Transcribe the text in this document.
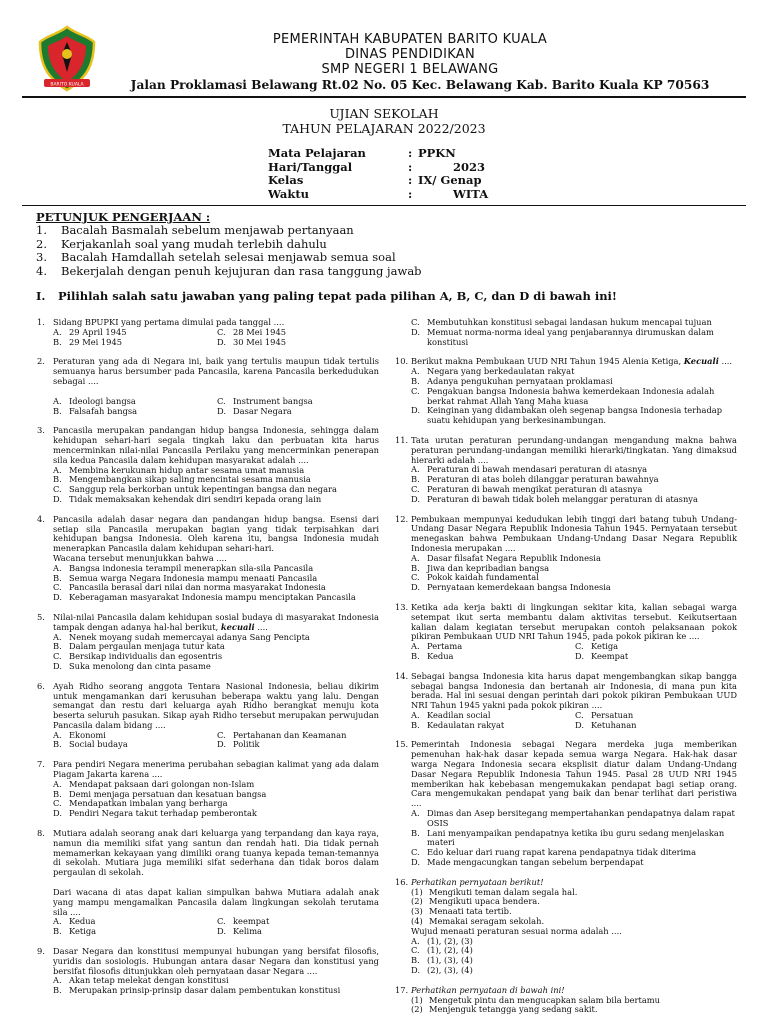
BARITO KUALA
PEMERINTAH KABUPATEN BARITO KUALA
DINAS PENDIDIKAN
SMP NEGERI 1 BELAWANG
Jalan Proklamasi Belawang Rt.02 No. 05 Kec. Belawang Kab. Barito Kuala KP 70563
UJIAN SEKOLAH
TAHUN PELAJARAN 2022/2023
Mata Pelajaran	: PPKN
Hari/Tanggal	:	2023
Kelas	: IX/ Genap
Waktu	:	WITA
PETUNJUK PENGERJAAN :
1. Bacalah Basmalah sebelum menjawab pertanyaan
2. Kerjakanlah soal yang mudah terlebih dahulu
3. Bacalah Hamdallah setelah selesai menjawab semua soal
4. Bekerjalah dengan penuh kejujuran dan rasa tanggung jawab
I. Pilihlah salah satu jawaban yang paling tepat pada pilihan A, B, C, dan D di bawah ini!
1. Sidang BPUPKI yang pertama dimulai pada tanggal ....
A. 29 April 1945	C. 28 Mei 1945
B. 29 Mei 1945	D. 30 Mei 1945
2. Peraturan yang ada di Negara ini, baik yang tertulis maupun tidak tertulis semuanya harus bersumber pada Pancasila, karena Pancasila berkedudukan sebagai ....
A. Ideologi bangsa	C. Instrument bangsa
B. Falsafah bangsa	D. Dasar Negara
3. Pancasila merupakan pandangan hidup bangsa Indonesia, sehingga dalam kehidupan sehari-hari segala tingkah laku dan perbuatan kita harus mencerminkan nilai-nilai Pancasila Perilaku yang mencerminkan penerapan sila kedua Pancasila dalam kehidupan masyarakat adalah ....
A. Membina kerukunan hidup antar sesama umat manusia
B. Mengembangkan sikap saling mencintai sesama manusia
C. Sanggup rela berkorban untuk kepentingan bangsa dan negara
D. Tidak memaksakan kehendak diri sendiri kepada orang lain
4. Pancasila adalah dasar negara dan pandangan hidup bangsa. Esensi dari setiap sila Pancasila merupakan bagian yang tidak terpisahkan dari kehidupan bangsa Indonesia. Oleh karena itu, bangsa Indonesia mudah menerapkan Pancasila dalam kehidupan sehari-hari.
Wacana tersebut menunjukkan bahwa ....
A. Bangsa indonesia terampil menerapkan sila-sila Pancasila
B. Semua warga Negara Indonesia mampu menaati Pancasila
C. Pancasila berasal dari nilai dan norma masyarakat Indonesia
D. Keberagaman masyarakat Indonesia mampu menciptakan Pancasila
5. Nilai-nilai Pancasila dalam kehidupan sosial budaya di masyarakat Indonesia tampak dengan adanya hal-hal berikut, kecuali ....
A. Nenek moyang sudah memercayai adanya Sang Pencipta
B. Dalam pergaulan menjaga tutur kata
C. Bersikap individualis dan egosentris
D. Suka menolong dan cinta pasame
6. Ayah Ridho seorang anggota Tentara Nasional Indonesia, beliau dikirim untuk mengamankan dari kerusuhan beberapa waktu yang lalu. Dengan semangat dan restu dari keluarga ayah Ridho berangkat menuju kota beserta seluruh pasukan. Sikap ayah Ridho tersebut merupakan perwujudan Pancasila dalam bidang ....
A. Ekonomi	C. Pertahanan dan Keamanan
B. Social budaya	D. Politik
7. Para pendiri Negara menerima perubahan sebagian kalimat yang ada dalam Piagam Jakarta karena ....
A. Mendapat paksaan dari golongan non-Islam
B. Demi menjaga persatuan dan kesatuan bangsa
C. Mendapatkan imbalan yang berharga
D. Pendiri Negara takut terhadap pemberontak
8. Mutiara adalah seorang anak dari keluarga yang terpandang dan kaya raya, namun dia memiliki sifat yang santun dan rendah hati. Dia tidak pernah memamerkan kekayaan yang dimiliki orang tuanya kepada teman-temannya di sekolah. Mutiara juga memiliki sifat sederhana dan tidak boros dalam pergaulan di sekolah.
Dari wacana di atas dapat kalian simpulkan bahwa Mutiara adalah anak yang mampu mengamalkan Pancasila dalam lingkungan sekolah terutama sila ....
A. Kedua	C. keempat
B. Ketiga	D. Kelima
9. Dasar Negara dan konstitusi mempunyai hubungan yang bersifat filosofis, yuridis dan sosiologis. Hubungan antara dasar Negara dan konstitusi yang bersifat filosofis ditunjukkan oleh pernyataan dasar Negara ....
A. Akan tetap melekat dengan konstitusi
B. Merupakan prinsip-prinsip dasar dalam pembentukan konstitusi
C. Membutuhkan konstitusi sebagai landasan hukum mencapai tujuan
D. Memuat norma-norma ideal yang penjabarannya dirumuskan dalam konstitusi
10. Berikut makna Pembukaan UUD NRI Tahun 1945 Alenia Ketiga, Kecuali ....
A. Negara yang berkedaulatan rakyat
B. Adanya pengukuhan pernyataan proklamasi
C. Pengakuan bangsa Indonesia bahwa kemerdekaan Indonesia adalah berkat rahmat Allah Yang Maha kuasa
D. Keinginan yang didambakan oleh segenap bangsa Indonesia terhadap suatu kehidupan yang berkesinambungan.
11. Tata urutan peraturan perundang-undangan mengandung makna bahwa peraturan perundang-undangan memiliki hierarki/tingkatan. Yang dimaksud hierarki adalah ....
A. Peraturan di bawah mendasari peraturan di atasnya
B. Peraturan di atas boleh dilanggar peraturan bawahnya
C. Peraturan di bawah mengikat peraturan di atasnya
D. Peraturan di bawah tidak boleh melanggar peraturan di atasnya
12. Pembukaan mempunyai kedudukan lebih tinggi dari batang tubuh Undang-Undang Dasar Negara Republik Indonesia Tahun 1945. Pernyataan tersebut menegaskan bahwa Pembukaan Undang-Undang Dasar Negara Republik Indonesia merupakan ....
A. Dasar filsafat Negara Republik Indonesia
B. Jiwa dan kepribadian bangsa
C. Pokok kaidah fundamental
D. Pernyataan kemerdekaan bangsa Indonesia
13. Ketika ada kerja bakti di lingkungan sekitar kita, kalian sebagai warga setempat ikut serta membantu dalam aktivitas tersebut. Keikutsertaan kalian dalam kegiatan tersebut merupakan contoh pelaksanaan pokok pikiran Pembukaan UUD NRI Tahun 1945, pada pokok pikiran ke ....
A. Pertama	C. Ketiga
B. Kedua	D. Keempat
14. Sebagai bangsa Indonesia kita harus dapat mengembangkan sikap bangga sebagai bangsa Indonesia dan bertanah air Indonesia, di mana pun kita berada. Hal ini sesuai dengan perintah dari pokok pikiran Pembukaan UUD NRI Tahun 1945 yakni pada pokok pikiran ....
A. Keadilan social	C. Persatuan
B. Kedaulatan rakyat	D. Ketuhanan
15. Pemerintah Indonesia sebagai Negara merdeka juga memberikan pemenuhan hak-hak dasar kepada semua warga Negara. Hak-hak dasar warga Negara Indonesia secara eksplisit diatur dalam Undang-Undang Dasar Negara Republik Indonesia Tahun 1945. Pasal 28 UUD NRI 1945 memberikan hak kebebasan mengemukakan pendapat bagi setiap orang. Cara mengemukakan pendapat yang baik dan benar terlihat dari peristiwa ....
A. Dimas dan Asep bersitegang mempertahankan pendapatnya dalam rapat OSIS
B. Lani menyampaikan pendapatnya ketika ibu guru sedang menjelaskan materi
C. Edo keluar dari ruang rapat karena pendapatnya tidak diterima
D. Made mengacungkan tangan sebelum berpendapat
16. Perhatikan pernyataan berikut!
(1) Mengikuti teman dalam segala hal.
(2) Mengikuti upaca bendera.
(3) Menaati tata tertib.
(4) Memakai seragam sekolah.
Wujud menaati peraturan sesuai norma adalah ....
A. (1), (2), (3)
C. (1), (2), (4)
B. (1), (3), (4)
D. (2), (3), (4)
17. Perhatikan pernyataan di bawah ini!
(1) Mengetuk pintu dan mengucapkan salam bila bertamu
(2) Menjenguk tetangga yang sedang sakit.
